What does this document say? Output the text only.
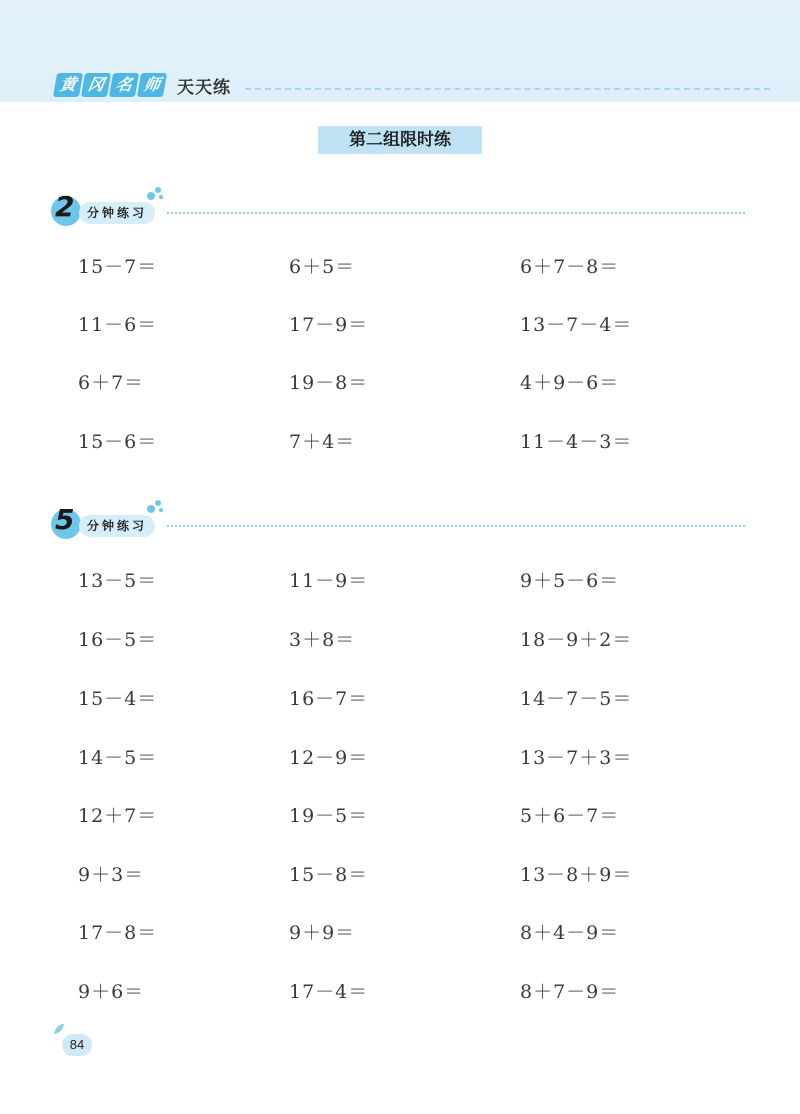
黄 冈 名 师 天天练
第二组限时练
2	分钟练习
15－7＝	6＋5＝	6＋7－8＝
11－6＝	17－9＝	13－7－4＝
6＋7＝	19－8＝	4＋9－6＝
15－6＝	7＋4＝	11－4－3＝
5	分钟练习
13－5＝	11－9＝	9＋5－6＝
16－5＝	3＋8＝	18－9＋2＝
15－4＝	16－7＝	14－7－5＝
14－5＝	12－9＝	13－7＋3＝
12＋7＝	19－5＝	5＋6－7＝
9＋3＝	15－8＝	13－8＋9＝
17－8＝	9＋9＝	8＋4－9＝
9＋6＝	17－4＝	8＋7－9＝
84
